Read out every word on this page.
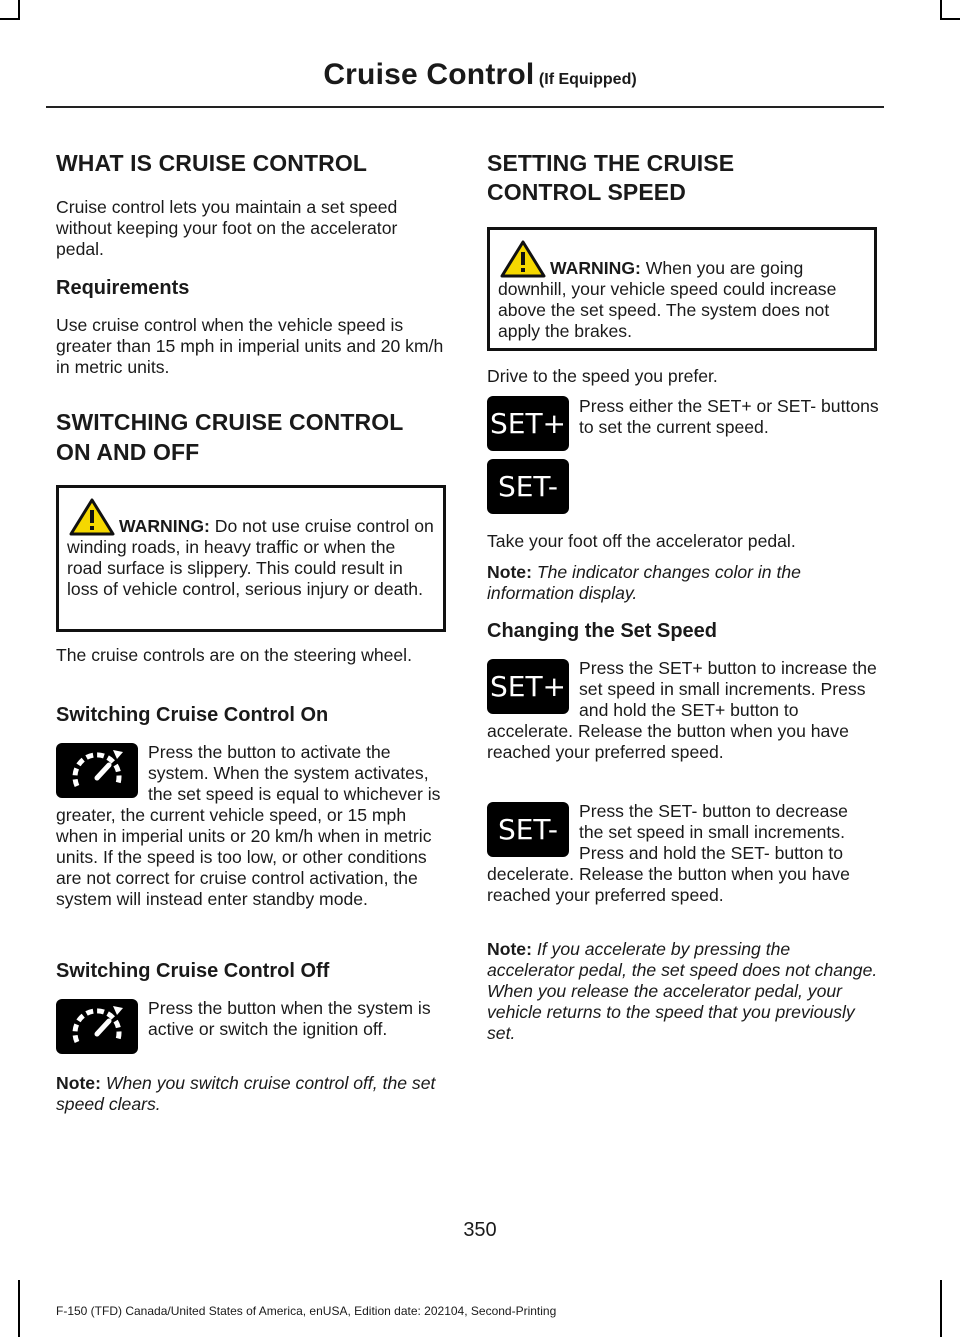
Cruise Control (If Equipped)
WHAT IS CRUISE CONTROL

Cruise control lets you maintain a set speed without keeping your foot on the accelerator pedal.

Requirements

Use cruise control when the vehicle speed is greater than 15 mph in imperial units and 20 km/h in metric units.

SWITCHING CRUISE CONTROL
ON AND OFF

WARNING: Do not use cruise control on winding roads, in heavy traffic or when the road surface is slippery. This could result in loss of vehicle control, serious injury or death.

The cruise controls are on the steering wheel.

Switching Cruise Control On

Press the button to activate the system. When the system activates, the set speed is equal to whichever is greater, the current vehicle speed, or 15 mph when in imperial units or 20 km/h when in metric units. If the speed is too low, or other conditions are not correct for cruise control activation, the system will instead enter standby mode.

Switching Cruise Control Off

Press the button when the system is active or switch the ignition off.

Note: When you switch cruise control off, the set speed clears.

SETTING THE CRUISE
CONTROL SPEED

WARNING: When you are going downhill, your vehicle speed could increase above the set speed. The system does not apply the brakes.

Drive to the speed you prefer.

SET+

Press either the SET+ or SET- buttons to set the current speed.

SET-

Take your foot off the accelerator pedal.

Note: The indicator changes color in the information display.

Changing the Set Speed

Press the SET+ button to increase the set speed in small increments. Press and hold the SET+ button to accelerate. Release the button when you have reached your preferred speed.

SET+

Press the SET- button to decrease the set speed in small increments. Press and hold the SET- button to decelerate. Release the button when you have reached your preferred speed.

SET-

Note: If you accelerate by pressing the accelerator pedal, the set speed does not change. When you release the accelerator pedal, your vehicle returns to the speed that you previously set.

350
F-150 (TFD) Canada/United States of America, enUSA, Edition date: 202104, Second-Printing
